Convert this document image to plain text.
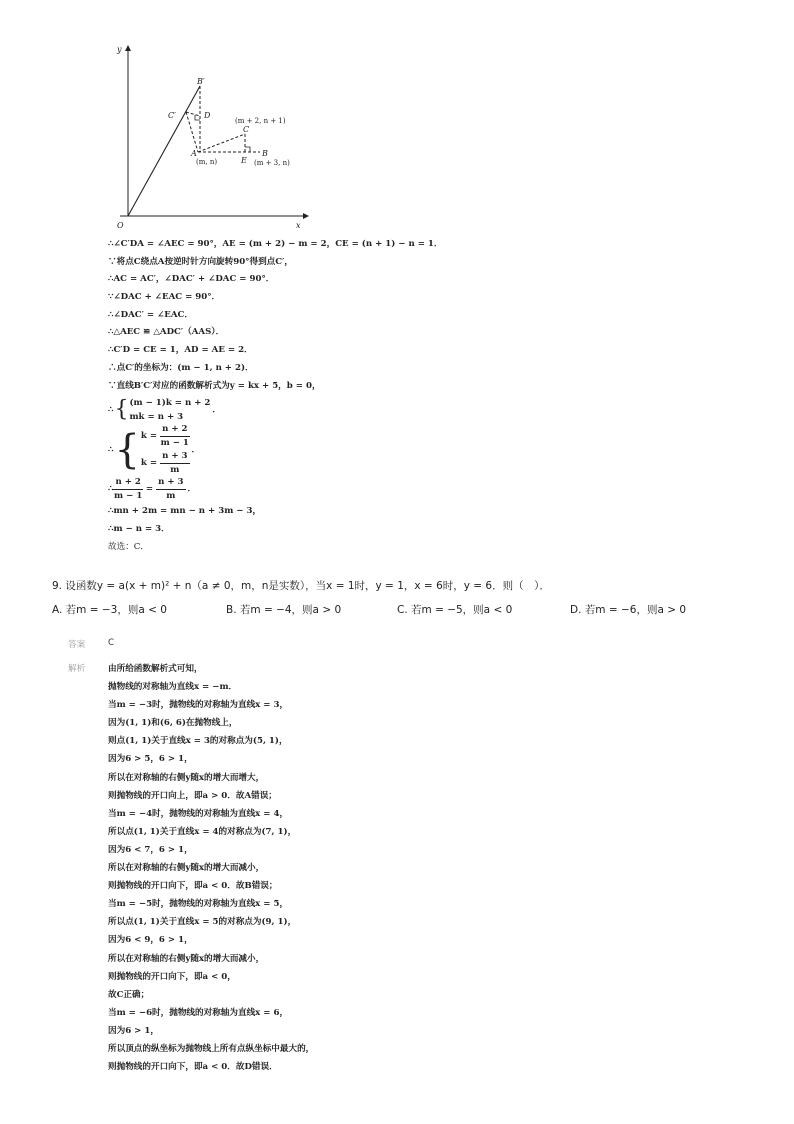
y
x
O
B′
C′	D
A
(m, n)
C
(m + 2, n + 1)
E
B
(m + 3, n)
∴∠C′DA = ∠AEC = 90°，AE = (m + 2) − m = 2，CE = (n + 1) − n = 1．
∵将点C绕点A按逆时针方向旋转90°得到点C′，
∴AC = AC′，∠DAC′ + ∠DAC = 90°．
∵∠DAC + ∠EAC = 90°．
∴∠DAC′ = ∠EAC．
∴△AEC ≌ △ADC′（AAS）．
∴C′D = CE = 1，AD = AE = 2．
∴点C′的坐标为：(m − 1, n + 2)．
∵直线B′C′对应的函数解析式为y = kx + 5，b = 0，
∴ { (m − 1)k = n + 2
mk = n + 3
．
∴ { $k = \frac{n + 2}{m - 1}$
$k = \frac{n + 3}{m}$
．
∴ $\frac{n + 2}{m - 1} = \frac{n + 3}{m}$ ．
∴mn + 2m = mn − n + 3m − 3，
∴m − n = 3．
故选：C．
9. 设函数y = a(x + m)² + n（a ≠ 0，m，n是实数），当x = 1时，y = 1，x = 6时，y = 6．则（　）．
A. 若m = −3，则a < 0	B. 若m = −4，则a > 0	C. 若m = −5，则a < 0	D. 若m = −6，则a > 0
答案	C
解析	由所给函数解析式可知，
抛物线的对称轴为直线x = −m．
当m = −3时，抛物线的对称轴为直线x = 3，
因为(1, 1)和(6, 6)在抛物线上，
则点(1, 1)关于直线x = 3的对称点为(5, 1)，
因为6 > 5，6 > 1，
所以在对称轴的右侧y随x的增大而增大，
则抛物线的开口向上，即a > 0．故A错误；
当m = −4时，抛物线的对称轴为直线x = 4，
所以点(1, 1)关于直线x = 4的对称点为(7, 1)，
因为6 < 7，6 > 1，
所以在对称轴的右侧y随x的增大而减小，
则抛物线的开口向下，即a < 0．故B错误；
当m = −5时，抛物线的对称轴为直线x = 5，
所以点(1, 1)关于直线x = 5的对称点为(9, 1)，
因为6 < 9，6 > 1，
所以在对称轴的右侧y随x的增大而减小，
则抛物线的开口向下，即a < 0，
故C正确；
当m = −6时，抛物线的对称轴为直线x = 6，
因为6 > 1，
所以顶点的纵坐标为抛物线上所有点纵坐标中最大的，
则抛物线的开口向下，即a < 0．故D错误．
